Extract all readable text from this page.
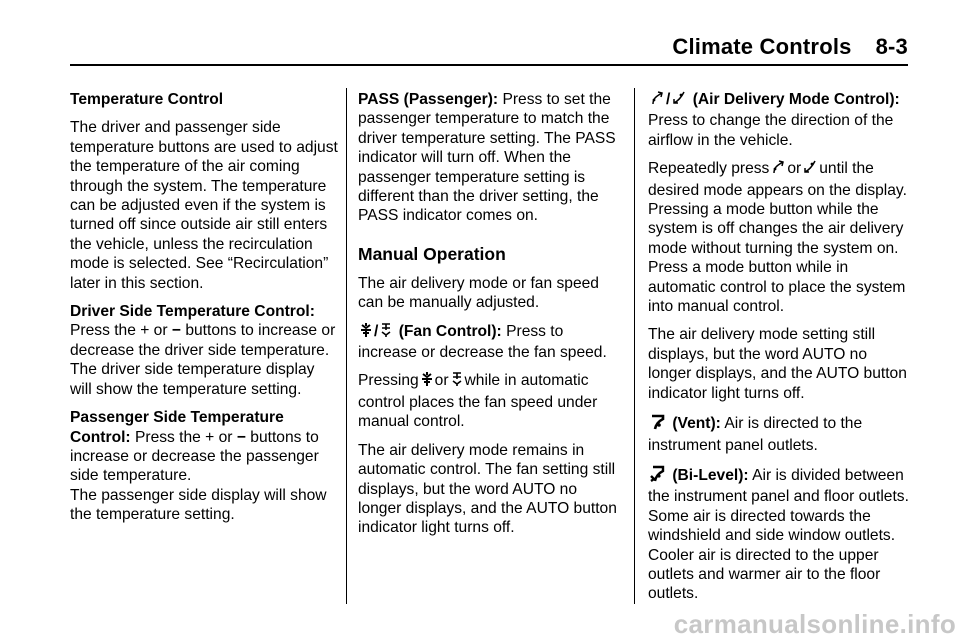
Climate Controls 8-3

Temperature Control

The driver and passenger side temperature buttons are used to adjust the temperature of the air coming through the system. The temperature can be adjusted even if the system is turned off since outside air still enters the vehicle, unless the recirculation mode is selected. See “Recirculation” later in this section.

Driver Side Temperature Control: Press the + or − buttons to increase or decrease the driver side temperature. The driver side temperature display will show the temperature setting.

Passenger Side Temperature Control: Press the + or − buttons to increase or decrease the passenger side temperature.
The passenger side display will show the temperature setting.

PASS (Passenger): Press to set the passenger temperature to match the driver temperature setting. The PASS indicator will turn off. When the passenger temperature setting is different than the driver setting, the PASS indicator comes on.

Manual Operation

The air delivery mode or fan speed can be manually adjusted.

/ (Fan Control): Press to increase or decrease the fan speed.

Pressing or while in automatic control places the fan speed under manual control.

The air delivery mode remains in automatic control. The fan setting still displays, but the word AUTO no longer displays, and the AUTO button indicator light turns off.

/ (Air Delivery Mode Control): Press to change the direction of the airflow in the vehicle.

Repeatedly press or until the desired mode appears on the display. Pressing a mode button while the system is off changes the air delivery mode without turning the system on. Press a mode button while in automatic control to place the system into manual control.

The air delivery mode setting still displays, but the word AUTO no longer displays, and the AUTO button indicator light turns off.

(Vent): Air is directed to the instrument panel outlets.

(Bi-Level): Air is divided between the instrument panel and floor outlets. Some air is directed towards the windshield and side window outlets. Cooler air is directed to the upper outlets and warmer air to the floor outlets.

carmanualsonline.info
